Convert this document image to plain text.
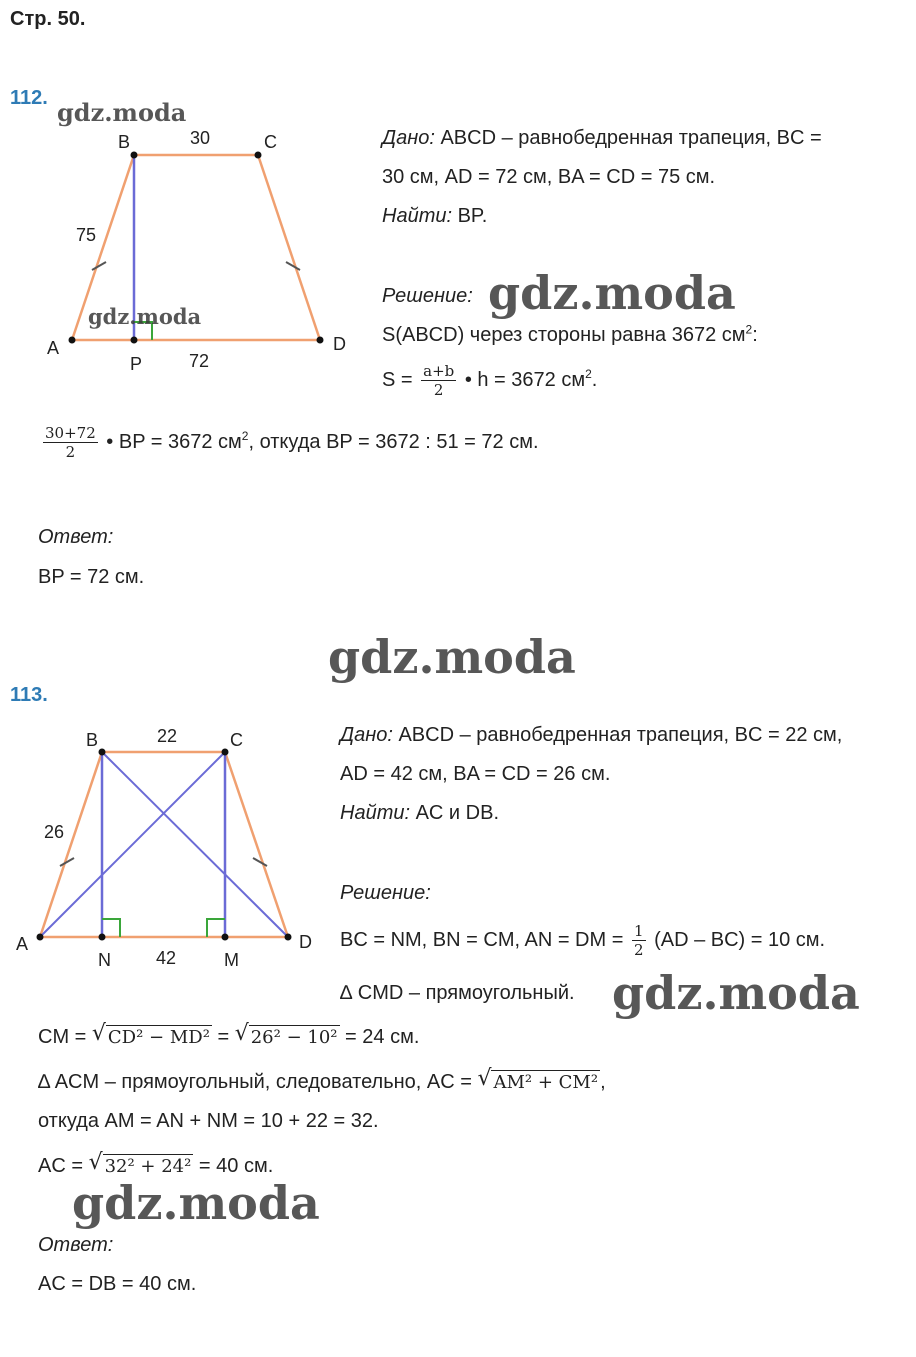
Стр. 50.
112. gdz.moda
B	C
A	D
P
30
75
72
gdz.moda
Дано: ABCD – равнобедренная трапеция, BC =
30 см, AD = 72 см, BA = CD = 75 см.
Найти: BP.
Решение: gdz.moda
S(ABCD) через стороны равна 3672 $см^2$:
$S = \frac{a+b}{2}$ • h = 3672 $см^2$.
$\frac{30+72}{2}$ • BP = 3672 $см^2$, откуда BP = 3672 : 51 = 72 см.
Ответ:
BP = 72 см.
gdz.moda
113.
B	C
A	D
N	M
22
26
42
Дано: ABCD – равнобедренная трапеция, BC = 22 см,
AD = 42 см, BA = CD = 26 см.
Найти: AC и DB.
Решение:
BC = NM, BN = CM, AN = DM = $\frac{1}{2} (AD - BC) = 10$ см.
∆ CMD – прямоугольный. gdz.moda
CM = √ CD² − MD² = √ 26² − 10² = 24 см.
∆ ACM – прямоугольный, следовательно, AC = √ AM² + CM² ,
откуда AM = AN + NM = 10 + 22 = 32.
AC = √ 32² + 24² = 40 см.
gdz.moda
Ответ:
AC = DB = 40 см.
